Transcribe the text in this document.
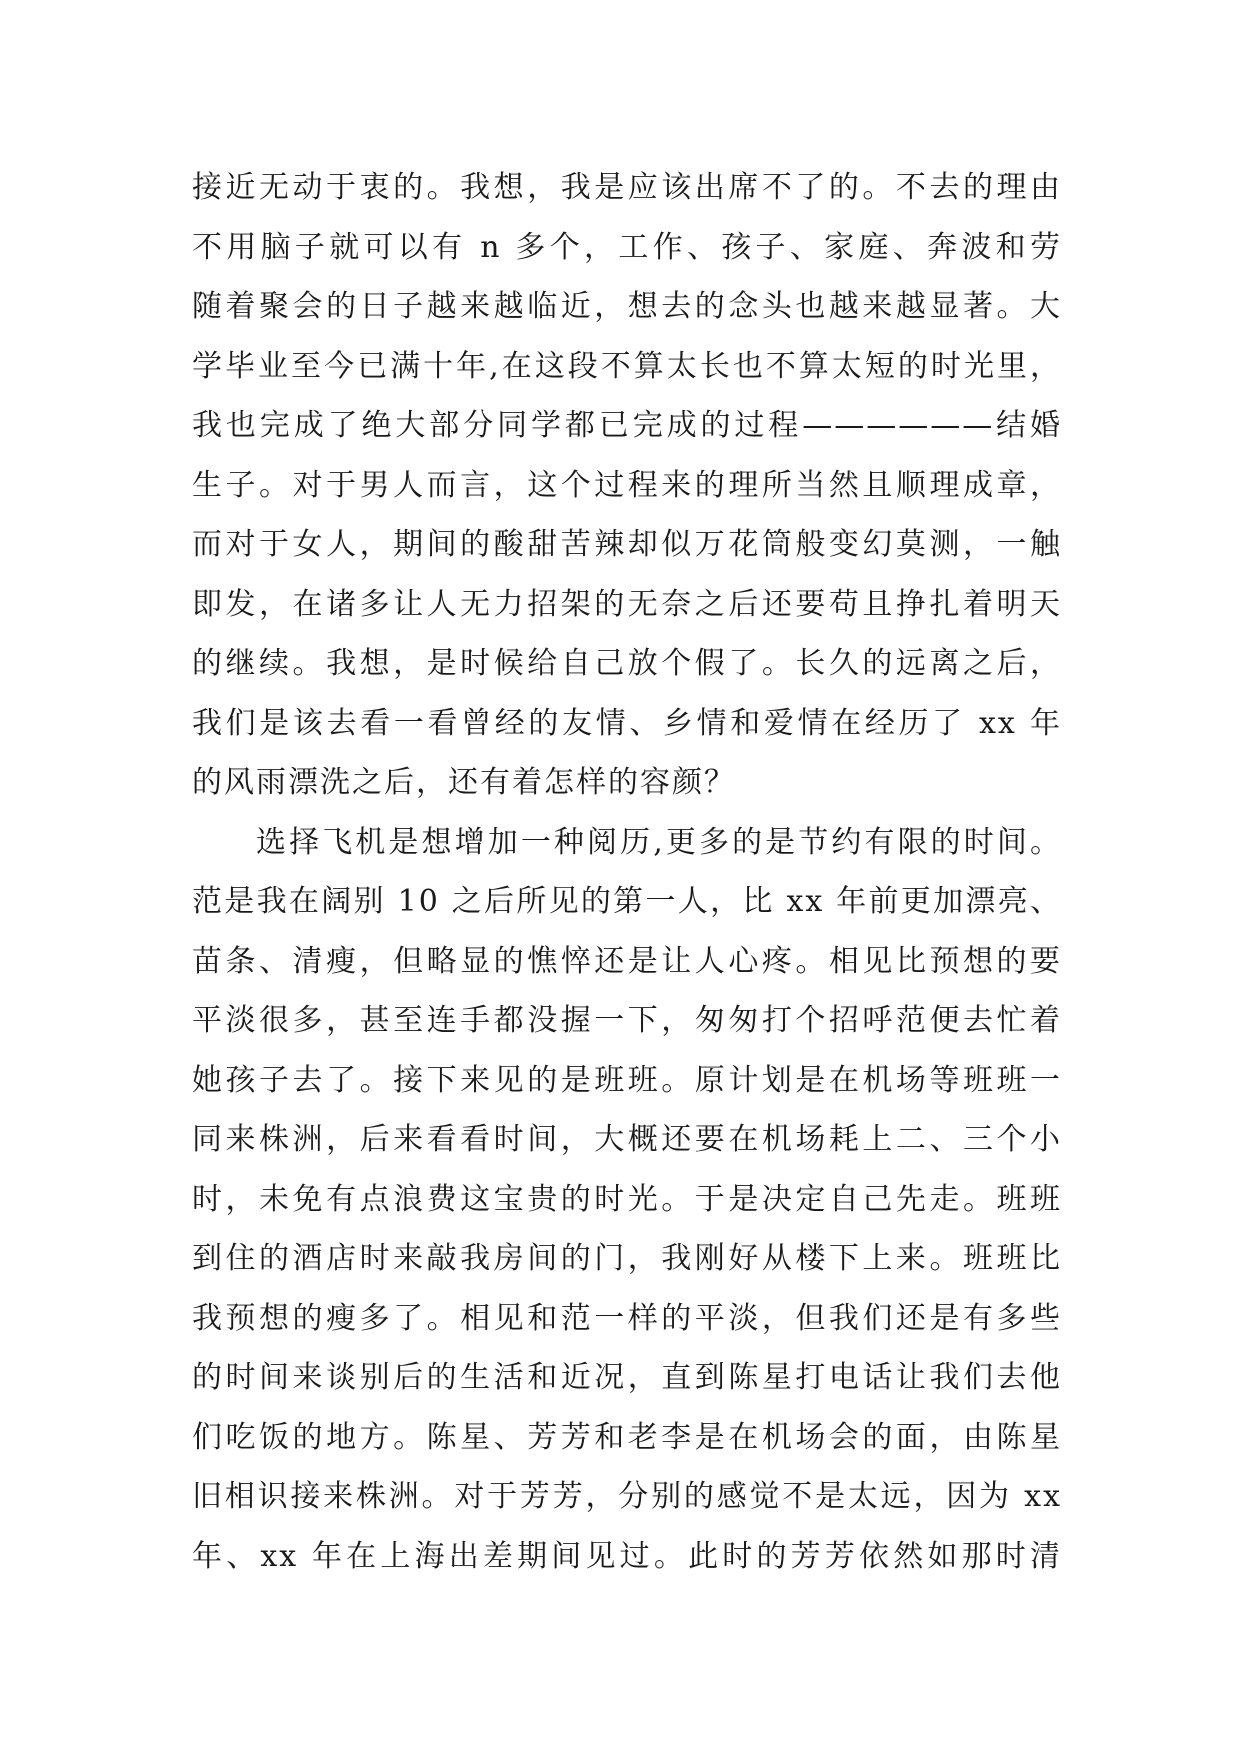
接近无动于衷的。我想，我是应该出席不了的。不去的理由
不用脑子就可以有 n 多个，工作、孩子、家庭、奔波和劳
随着聚会的日子越来越临近，想去的念头也越来越显著。大
学毕业至今已满十年,在这段不算太长也不算太短的时光里，
我也完成了绝大部分同学都已完成的过程——————结婚
生子。对于男人而言，这个过程来的理所当然且顺理成章，
而对于女人，期间的酸甜苦辣却似万花筒般变幻莫测，一触
即发，在诸多让人无力招架的无奈之后还要苟且挣扎着明天
的继续。我想，是时候给自己放个假了。长久的远离之后，
我们是该去看一看曾经的友情、乡情和爱情在经历了 xx 年
的风雨漂洗之后，还有着怎样的容颜？
选择飞机是想增加一种阅历,更多的是节约有限的时间。
范是我在阔别 10 之后所见的第一人，比 xx 年前更加漂亮、
苗条、清瘦，但略显的憔悴还是让人心疼。相见比预想的要
平淡很多，甚至连手都没握一下，匆匆打个招呼范便去忙着
她孩子去了。接下来见的是班班。原计划是在机场等班班一
同来株洲，后来看看时间，大概还要在机场耗上二、三个小
时，未免有点浪费这宝贵的时光。于是决定自己先走。班班
到住的酒店时来敲我房间的门，我刚好从楼下上来。班班比
我预想的瘦多了。相见和范一样的平淡，但我们还是有多些
的时间来谈别后的生活和近况，直到陈星打电话让我们去他
们吃饭的地方。陈星、芳芳和老李是在机场会的面，由陈星
旧相识接来株洲。对于芳芳，分别的感觉不是太远，因为 xx
年、xx 年在上海出差期间见过。此时的芳芳依然如那时清
